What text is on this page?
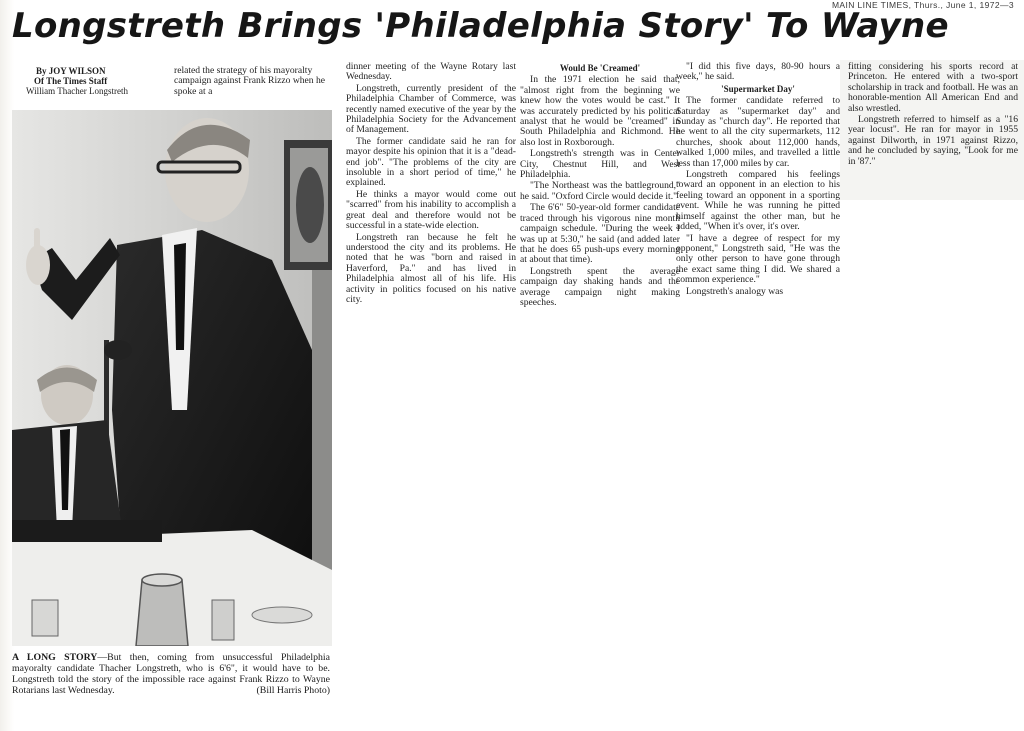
MAIN LINE TIMES, Thurs., June 1, 1972—3
Longstreth Brings 'Philadelphia Story' To Wayne
By JOY WILSON
Of The Times Staff
William Thacher Longstreth

related the strategy of his mayoralty campaign against Frank Rizzo when he spoke at a

A LONG STORY—But then, coming from unsuccessful Philadelphia mayoralty candidate Thacher Longstreth, who is 6'6", it would have to be. Longstreth told the story of the impossible race against Frank Rizzo to Wayne Rotarians last Wednesday.	(Bill Harris Photo)

dinner meeting of the Wayne Rotary last Wednesday.

Longstreth, currently president of the Philadelphia Chamber of Commerce, was recently named executive of the year by the Philadelphia Society for the Advancement of Management.

The former candidate said he ran for mayor despite his opinion that it is a "dead-end job". "The problems of the city are insoluble in a short period of time," he explained.

He thinks a mayor would come out "scarred" from his inability to accomplish a great deal and therefore would not be successful in a state-wide election.

Longstreth ran because he felt he understood the city and its problems. He noted that he was "born and raised in Haverford, Pa." and has lived in Philadelphia almost all of his life. His activity in politics focused on his native city.

Would Be 'Creamed'

In the 1971 election he said that, "almost right from the beginning we knew how the votes would be cast." It was accurately predicted by his political analyst that he would be "creamed" in South Philadelphia and Richmond. He also lost in Roxborough.

Longstreth's strength was in Center City, Chestnut Hill, and West Philadelphia.

"The Northeast was the battleground," he said. "Oxford Circle would decide it."

The 6'6" 50-year-old former candidate traced through his vigorous nine month campaign schedule. "During the week I was up at 5:30," he said (and added later that he does 65 push-ups every morning at about that time).

Longstreth spent the average campaign day shaking hands and the average campaign night making speeches.

"I did this five days, 80-90 hours a week," he said.

'Supermarket Day'

The former candidate referred to Saturday as "supermarket day" and Sunday as "church day". He reported that he went to all the city supermarkets, 112 churches, shook about 112,000 hands, walked 1,000 miles, and travelled a little less than 17,000 miles by car.

Longstreth compared his feelings toward an opponent in an election to his feeling toward an opponent in a sporting event. While he was running he pitted himself against the other man, but he added, "When it's over, it's over.

"I have a degree of respect for my opponent," Longstreth said, "He was the only other person to have gone through the exact same thing I did. We shared a common experience."

Longstreth's analogy was

fitting considering his sports record at Princeton. He entered with a two-sport scholarship in track and football. He was an honorable-mention All American End and also wrestled.

Longstreth referred to himself as a "16 year locust". He ran for mayor in 1955 against Dilworth, in 1971 against Rizzo, and he concluded by saying, "Look for me in '87."
